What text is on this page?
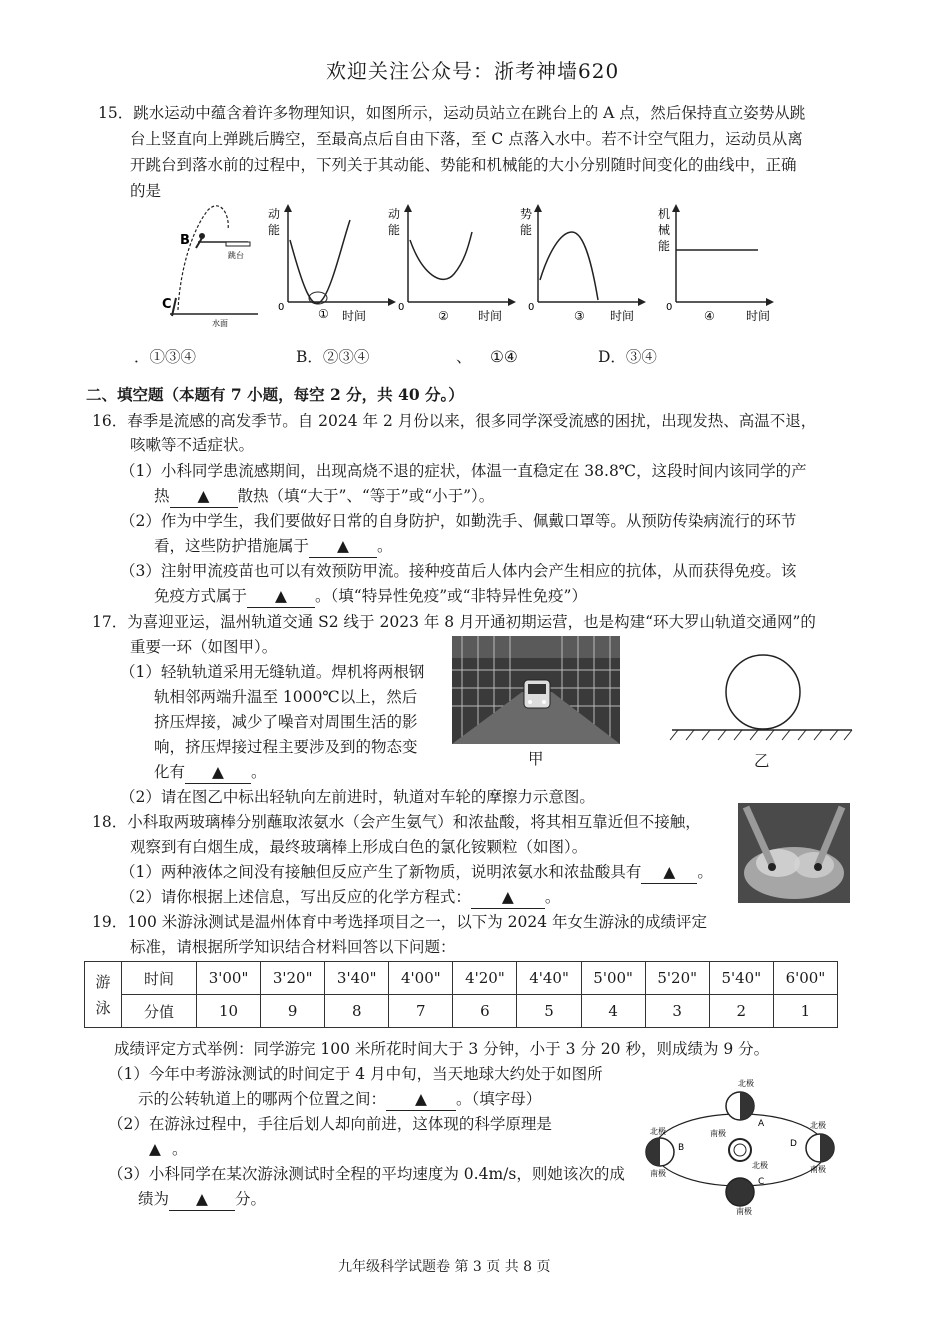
欢迎关注公众号：浙考神墙620
15．跳水运动中蕴含着许多物理知识，如图所示，运动员站立在跳台上的 A 点，然后保持直立姿势从跳
台上竖直向上弹跳后腾空，至最高点后自由下落，至 C 点落入水中。若不计空气阻力，运动员从离
开跳台到落水前的过程中，下列关于其动能、势能和机械能的大小分别随时间变化的曲线中，正确
的是
B
C
跳台
水面
动
能
0	① 时间
动
能
0
② 时间
势
能
0
③ 时间
机
械
能
0
④	时间
．①③④	B．②③④	、 ①④	D．③④
二、填空题（本题有 7 小题，每空 2 分，共 40 分。）
16．春季是流感的高发季节。自 2024 年 2 月份以来，很多同学深受流感的困扰，出现发热、高温不退，
咳嗽等不适症状。
（1）小科同学患流感期间，出现高烧不退的症状，体温一直稳定在 38.8℃，这段时间内该同学的产
热 ▲ 散热（填“大于”、“等于”或“小于”）。
（2）作为中学生，我们要做好日常的自身防护，如勤洗手、佩戴口罩等。从预防传染病流行的环节
看，这些防护措施属于 ▲ 。
（3）注射甲流疫苗也可以有效预防甲流。接种疫苗后人体内会产生相应的抗体，从而获得免疫。该
免疫方式属于 ▲ 。（填“特异性免疫”或“非特异性免疫”）
17．为喜迎亚运，温州轨道交通 S2 线于 2023 年 8 月开通初期运营，也是构建“环大罗山轨道交通网”的
重要一环（如图甲）。
（1）轻轨轨道采用无缝轨道。焊机将两根钢
轨相邻两端升温至 1000℃以上，然后
挤压焊接，减少了噪音对周围生活的影
响，挤压焊接过程主要涉及到的物态变
化有 ▲ 。
甲	乙
（2）请在图乙中标出轻轨向左前进时，轨道对车轮的摩擦力示意图。
18．小科取两玻璃棒分别蘸取浓氨水（会产生氨气）和浓盐酸，将其相互靠近但不接触，
观察到有白烟生成，最终玻璃棒上形成白色的氯化铵颗粒（如图）。
（1）两种液体之间没有接触但反应产生了新物质，说明浓氨水和浓盐酸具有 ▲ 。
（2）请你根据上述信息，写出反应的化学方程式： ▲ 。
19．100 米游泳测试是温州体育中考选择项目之一，以下为 2024 年女生游泳的成绩评定
标准，请根据所学知识结合材料回答以下问题：
游泳	时间	3'00"	3'20"	3'40"	4'00"	4'20"	4'40"	5'00"	5'20"	5'40"	6'00"
	分值	10	9	8	7	6	5	4	3	2	1
成绩评定方式举例：同学游完 100 米所花时间大于 3 分钟，小于 3 分 20 秒，则成绩为 9 分。
（1）今年中考游泳测试的时间定于 4 月中旬，当天地球大约处于如图所
示的公转轨道上的哪两个位置之间： ▲ 。（填字母）
（2）在游泳过程中，手往后划人却向前进，这体现的科学原理是
▲ 。
（3）小科同学在某次游泳测试时全程的平均速度为 0.4m/s，则她该次的成
绩为 ▲ 分。
北极
南极
北极
南极
北极
南极
北极
南极
A
B
C
D
九年级科学试题卷 第 3 页 共 8 页
